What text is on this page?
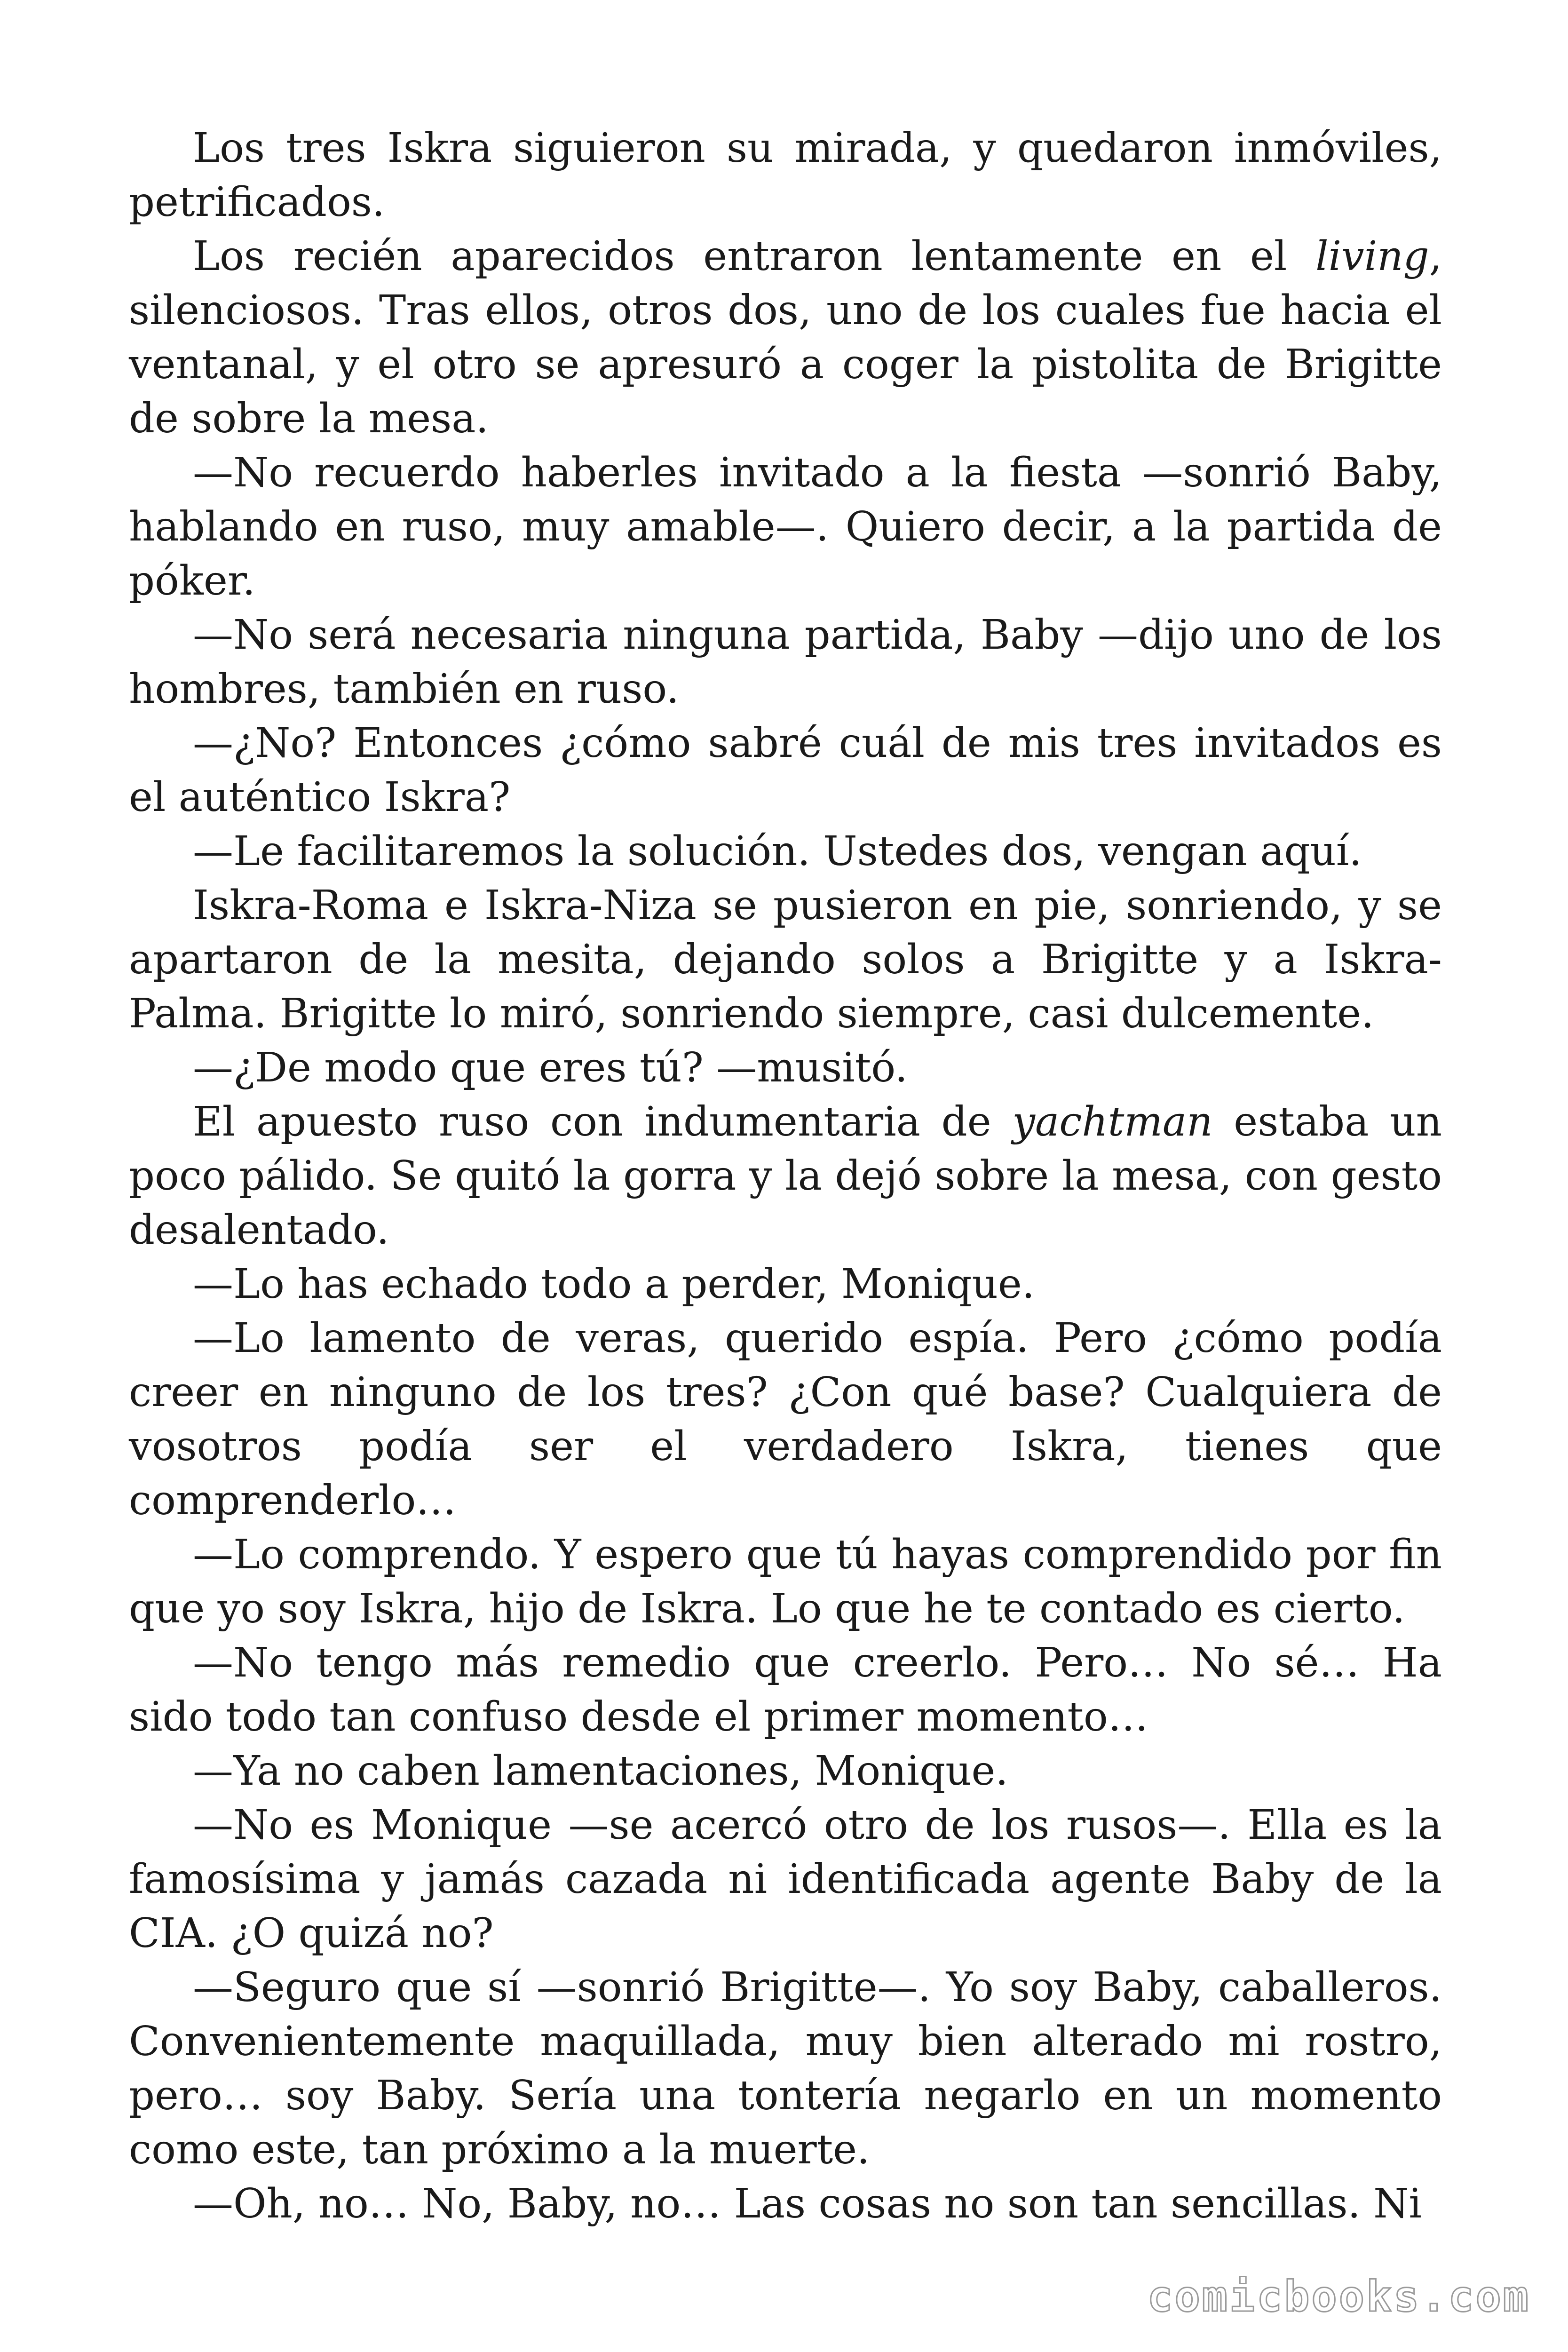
Los tres Iskra siguieron su mirada, y quedaron inmóviles, petrificados.

Los recién aparecidos entraron lentamente en el living, silenciosos. Tras ellos, otros dos, uno de los cuales fue hacia el ventanal, y el otro se apresuró a coger la pistolita de Brigitte de sobre la mesa.

—No recuerdo haberles invitado a la fiesta —sonrió Baby, hablando en ruso, muy amable—. Quiero decir, a la partida de póker.

—No será necesaria ninguna partida, Baby —dijo uno de los hombres, también en ruso.

—¿No? Entonces ¿cómo sabré cuál de mis tres invitados es el auténtico Iskra?

—Le facilitaremos la solución. Ustedes dos, vengan aquí.

Iskra-Roma e Iskra-Niza se pusieron en pie, sonriendo, y se apartaron de la mesita, dejando solos a Brigitte y a Iskra-Palma. Brigitte lo miró, sonriendo siempre, casi dulcemente.

—¿De modo que eres tú? —musitó.

El apuesto ruso con indumentaria de yachtman estaba un poco pálido. Se quitó la gorra y la dejó sobre la mesa, con gesto desalentado.

—Lo has echado todo a perder, Monique.

—Lo lamento de veras, querido espía. Pero ¿cómo podía creer en ninguno de los tres? ¿Con qué base? Cualquiera de vosotros podía ser el verdadero Iskra, tienes que comprenderlo…

—Lo comprendo. Y espero que tú hayas comprendido por fin que yo soy Iskra, hijo de Iskra. Lo que he te contado es cierto.

—No tengo más remedio que creerlo. Pero… No sé… Ha sido todo tan confuso desde el primer momento…

—Ya no caben lamentaciones, Monique.

—No es Monique —se acercó otro de los rusos—. Ella es la famosísima y jamás cazada ni identificada agente Baby de la CIA. ¿O quizá no?

—Seguro que sí —sonrió Brigitte—. Yo soy Baby, caballeros. Convenientemente maquillada, muy bien alterado mi rostro, pero… soy Baby. Sería una tontería negarlo en un momento como este, tan próximo a la muerte.

—Oh, no… No, Baby, no… Las cosas no son tan sencillas. Ni

comicbooks.com
